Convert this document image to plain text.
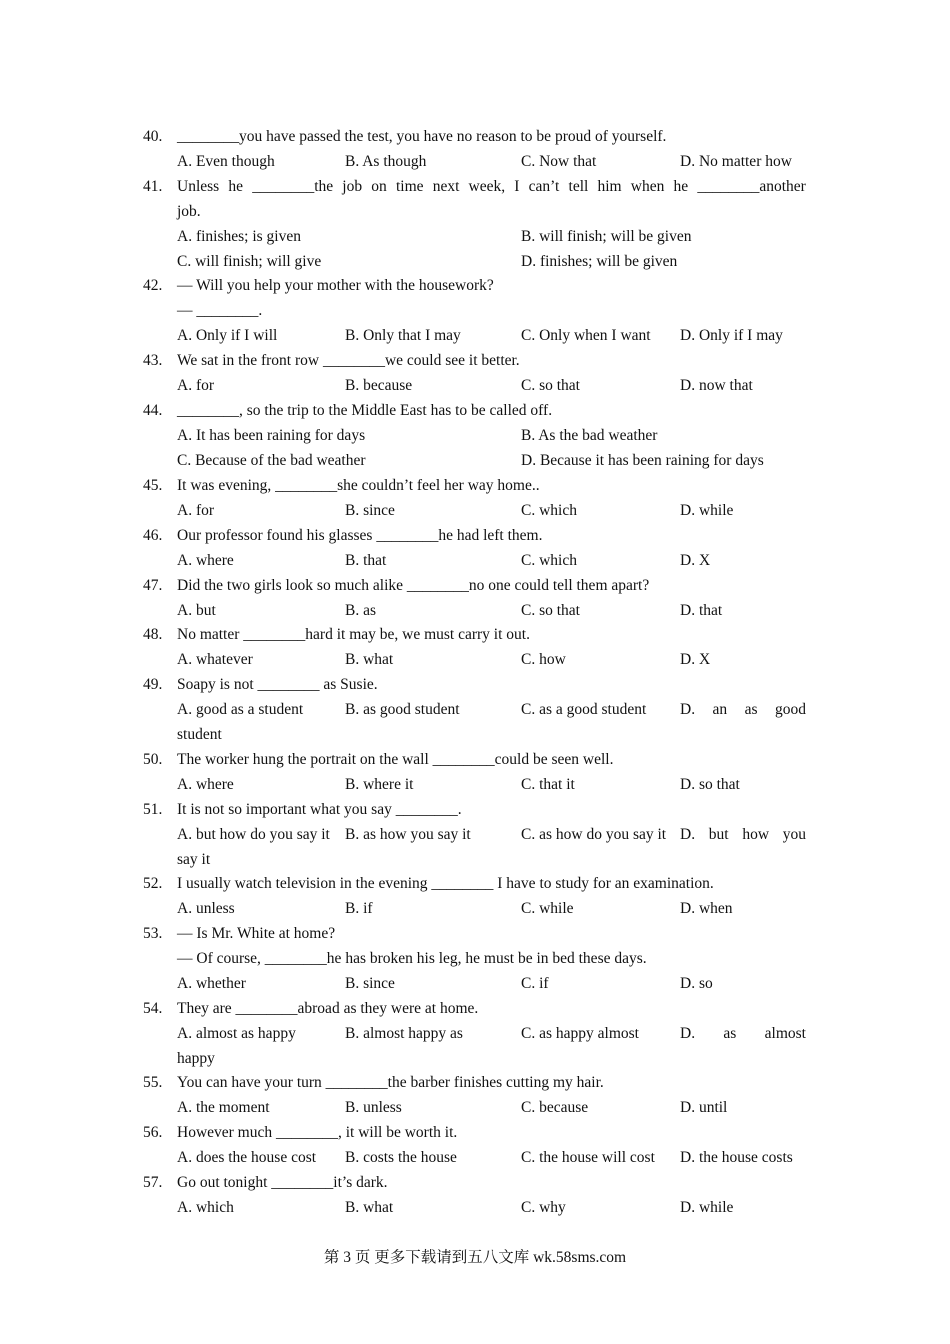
40. ________you have passed the test, you have no reason to be proud of yourself.
A. Even though	B. As though	C. Now that	D. No matter how
41. Unless he ________the job on time next week, I can’t tell him when he ________another
job.
A. finishes; is given	B. will finish; will be given
C. will finish; will give	D. finishes; will be given
42. — Will you help your mother with the housework?
— ________.
A. Only if I will	B. Only that I may	C. Only when I want D. Only if I may
43. We sat in the front row ________we could see it better.
A. for	B. because	C. so that	D. now that
44. ________, so the trip to the Middle East has to be called off.
A. It has been raining for days	B. As the bad weather
C. Because of the bad weather	D. Because it has been raining for days
45. It was evening, ________she couldn’t feel her way home..
A. for	B. since	C. which	D. while
46. Our professor found his glasses ________he had left them.
A. where	B. that	C. which	D. X
47. Did the two girls look so much alike ________no one could tell them apart?
A. but	B. as	C. so that	D. that
48. No matter ________hard it may be, we must carry it out.
A. whatever	B. what	C. how	D. X
49. Soapy is not ________ as Susie.
A. good as a student	B. as good student	C. as a good student D. an as good
student
50. The worker hung the portrait on the wall ________could be seen well.
A. where	B. where it	C. that it	D. so that
51. It is not so important what you say ________.
A. but how do you say it B. as how you say it	C. as how do you say it D. but how you
say it
52. I usually watch television in the evening ________ I have to study for an examination.
A. unless	B. if	C. while	D. when
53. — Is Mr. White at home?
— Of course, ________he has broken his leg, he must be in bed these days.
A. whether	B. since	C. if	D. so
54. They are ________abroad as they were at home.
A. almost as happy	B. almost happy as	C. as happy almost	D. as almost
happy
55. You can have your turn ________the barber finishes cutting my hair.
A. the moment	B. unless	C. because	D. until
56. However much ________, it will be worth it.
A. does the house cost B. costs the house	C. the house will cost D. the house costs
57. Go out tonight ________it’s dark.
A. which	B. what	C. why	D. while
第 3 页 更多下载请到五八文库 wk.58sms.com
